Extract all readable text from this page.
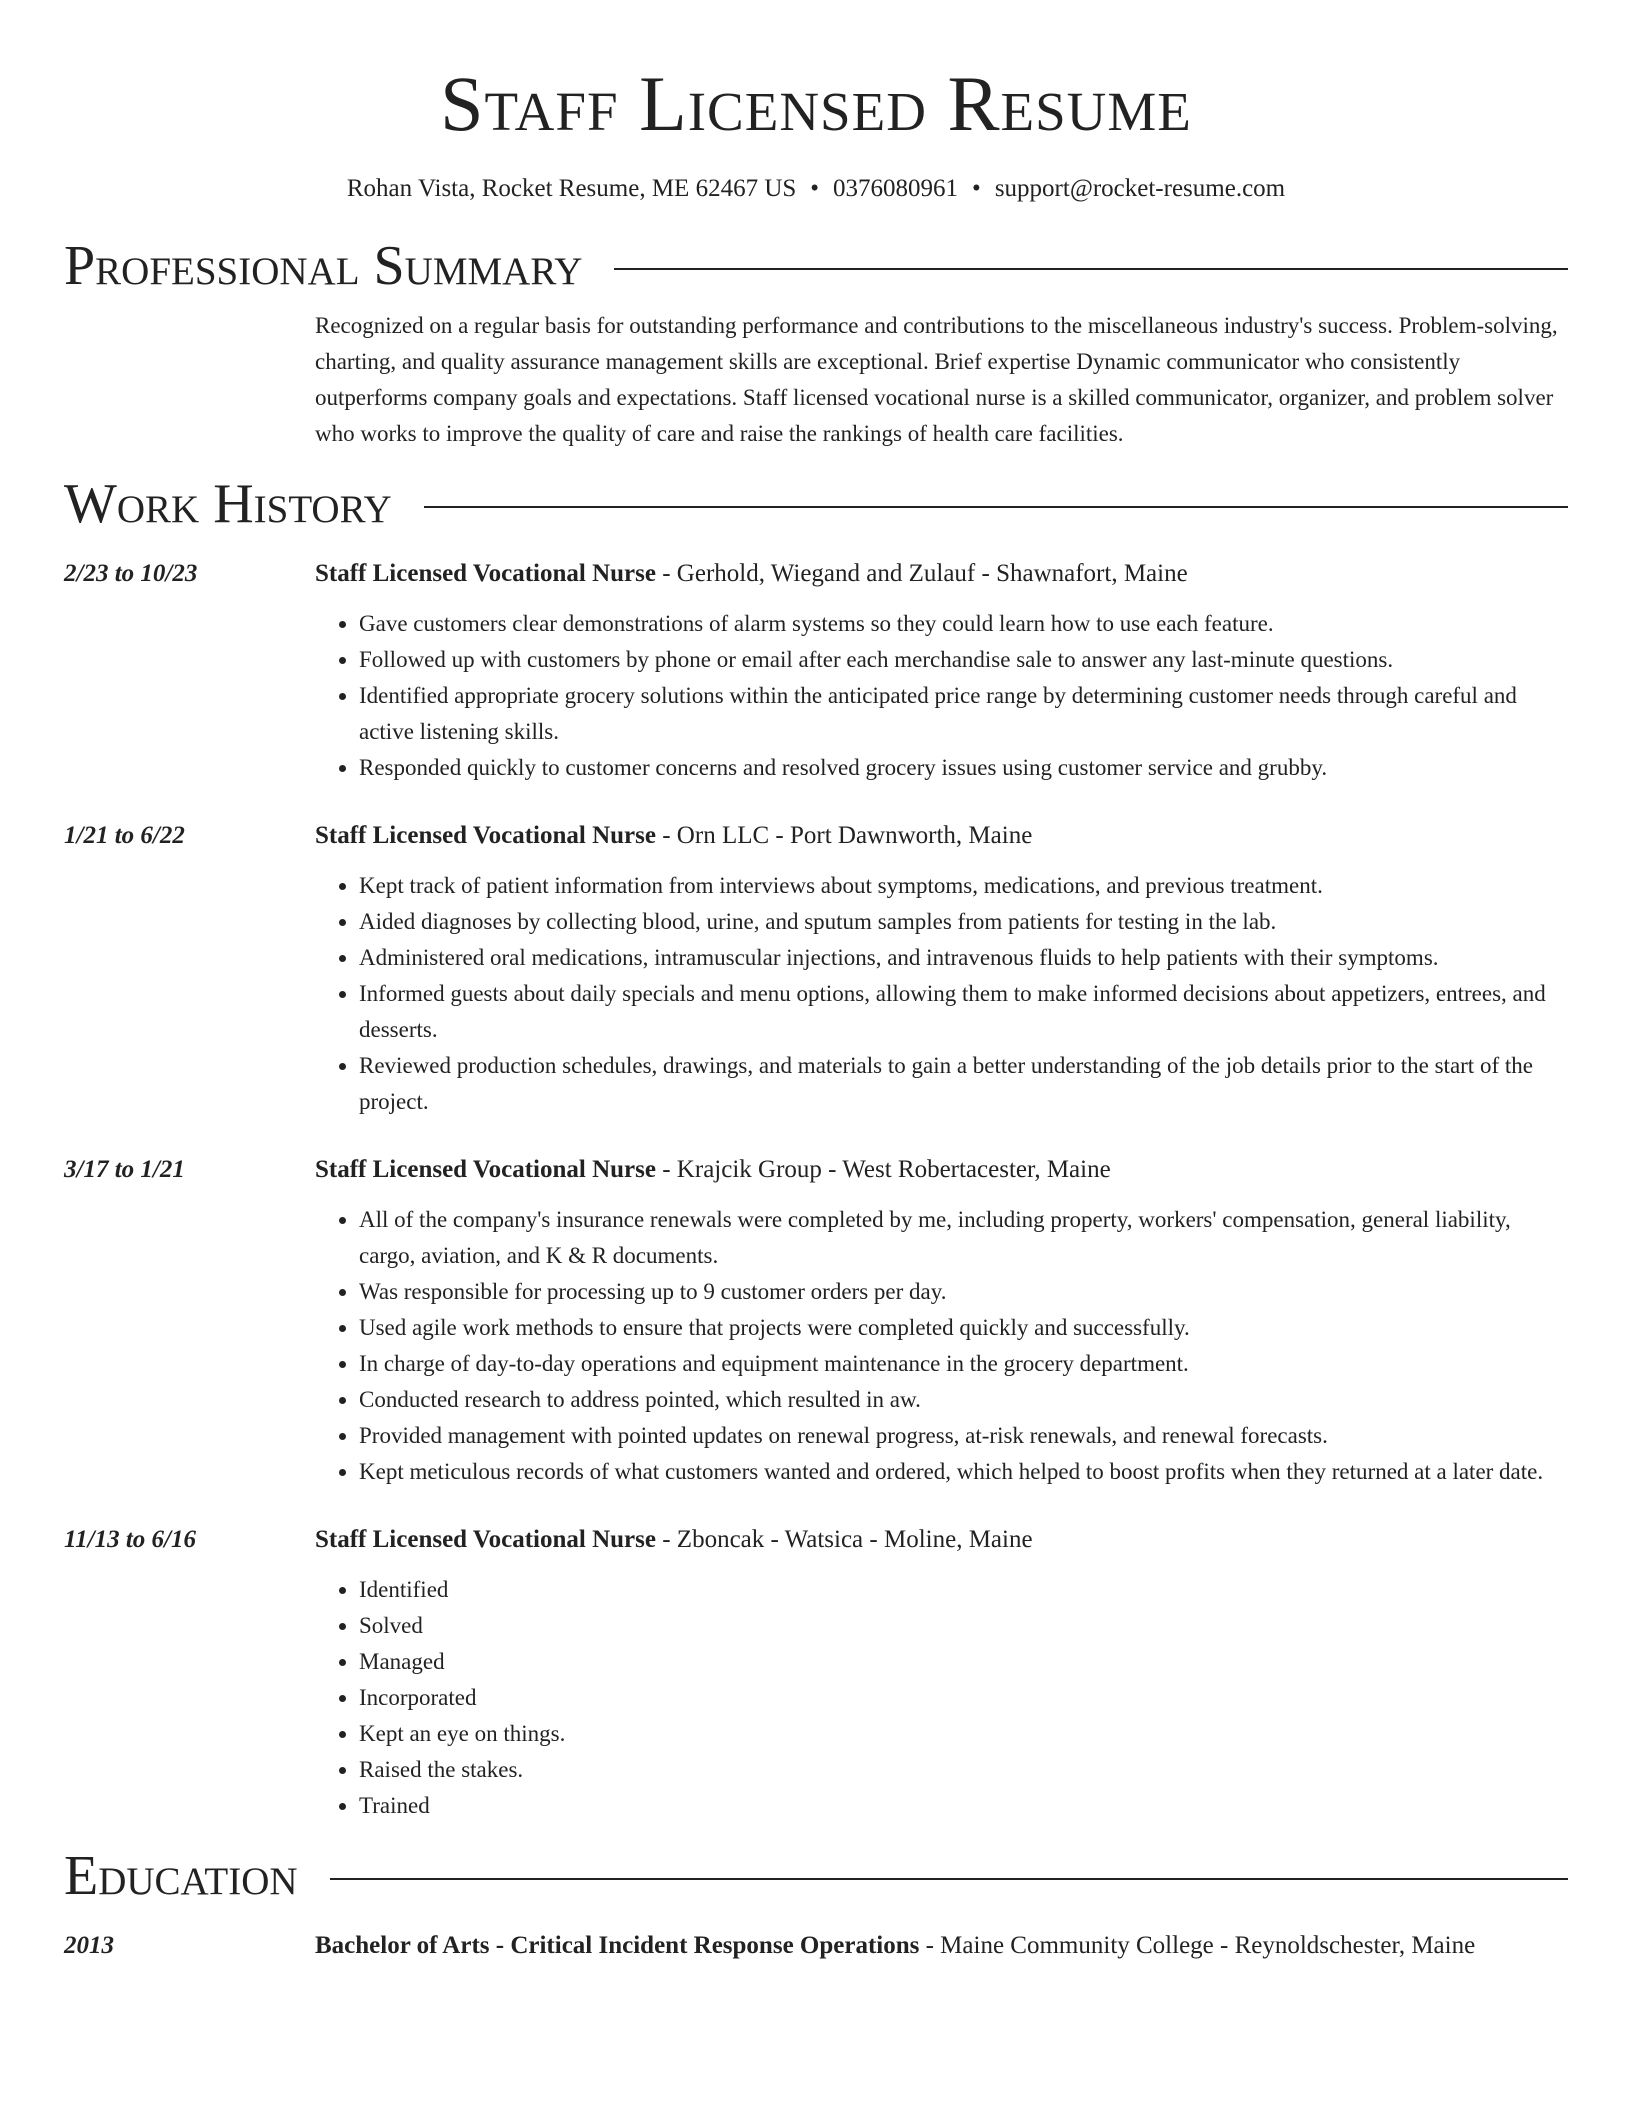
Staff Licensed Resume
Rohan Vista, Rocket Resume, ME 62467 US • 0376080961 • support@rocket-resume.com
Professional Summary
Recognized on a regular basis for outstanding performance and contributions to the miscellaneous industry's success. Problem-solving, charting, and quality assurance management skills are exceptional. Brief expertise Dynamic communicator who consistently outperforms company goals and expectations. Staff licensed vocational nurse is a skilled communicator, organizer, and problem solver who works to improve the quality of care and raise the rankings of health care facilities.
Work History
2/23 to 10/23	Staff Licensed Vocational Nurse - Gerhold, Wiegand and Zulauf - Shawnafort, Maine
• Gave customers clear demonstrations of alarm systems so they could learn how to use each feature.
• Followed up with customers by phone or email after each merchandise sale to answer any last-minute questions.
• Identified appropriate grocery solutions within the anticipated price range by determining customer needs through careful and active listening skills.
• Responded quickly to customer concerns and resolved grocery issues using customer service and grubby.
1/21 to 6/22	Staff Licensed Vocational Nurse - Orn LLC - Port Dawnworth, Maine
• Kept track of patient information from interviews about symptoms, medications, and previous treatment.
• Aided diagnoses by collecting blood, urine, and sputum samples from patients for testing in the lab.
• Administered oral medications, intramuscular injections, and intravenous fluids to help patients with their symptoms.
• Informed guests about daily specials and menu options, allowing them to make informed decisions about appetizers, entrees, and desserts.
• Reviewed production schedules, drawings, and materials to gain a better understanding of the job details prior to the start of the project.
3/17 to 1/21	Staff Licensed Vocational Nurse - Krajcik Group - West Robertacester, Maine
• All of the company's insurance renewals were completed by me, including property, workers' compensation, general liability, cargo, aviation, and K & R documents.
• Was responsible for processing up to 9 customer orders per day.
• Used agile work methods to ensure that projects were completed quickly and successfully.
• In charge of day-to-day operations and equipment maintenance in the grocery department.
• Conducted research to address pointed, which resulted in aw.
• Provided management with pointed updates on renewal progress, at-risk renewals, and renewal forecasts.
• Kept meticulous records of what customers wanted and ordered, which helped to boost profits when they returned at a later date.
11/13 to 6/16	Staff Licensed Vocational Nurse - Zboncak - Watsica - Moline, Maine
• Identified
• Solved
• Managed
• Incorporated
• Kept an eye on things.
• Raised the stakes.
• Trained
Education
2013	Bachelor of Arts - Critical Incident Response Operations - Maine Community College - Reynoldschester, Maine
